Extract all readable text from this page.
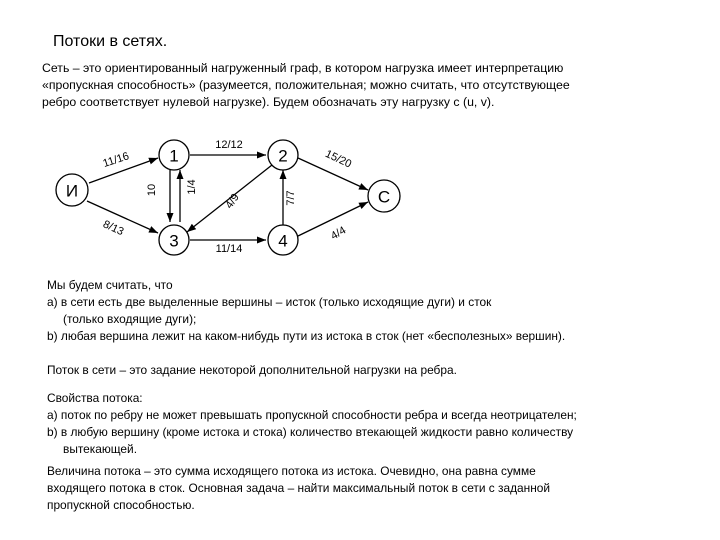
Потоки в сетях.
Сеть – это ориентированный нагруженный граф, в котором нагрузка имеет интерпретацию
«пропускная способность» (разумеется, положительная; можно считать, что отсутствующее
ребро соответствует нулевой нагрузке). Будем обозначать эту нагрузку c (u, v).
И
1	2
3	4
С
11/16
8/13
10	1/4
12/12
4/9	7/7
11/14
15/20
4/4
Мы будем считать, что
а) в сети есть две выделенные вершины – исток (только исходящие дуги) и сток
(только входящие дуги);
b) любая вершина лежит на каком-нибудь пути из истока в сток (нет «бесполезных» вершин).
Поток в сети – это задание некоторой дополнительной нагрузки на ребра.
Свойства потока:
а) поток по ребру не может превышать пропускной способности ребра и всегда неотрицателен;
b) в любую вершину (кроме истока и стока) количество втекающей жидкости равно количеству
вытекающей.
Величина потока – это сумма исходящего потока из истока. Очевидно, она равна сумме
входящего потока в сток. Основная задача – найти максимальный поток в сети с заданной
пропускной способностью.
